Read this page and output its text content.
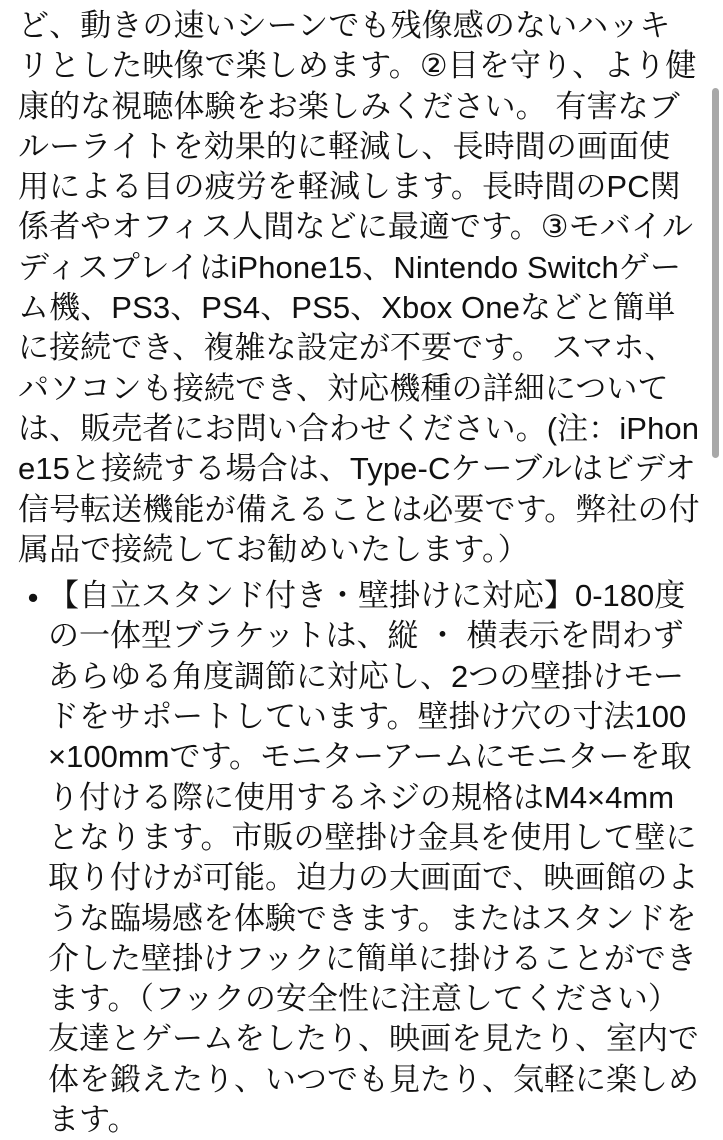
ど、動きの速いシーンでも残像感のないハッキリとした映像で楽しめます。②目を守り、より健康的な視聴体験をお楽しみください。 有害なブルーライトを効果的に軽減し、長時間の画面使用による目の疲労を軽減します。長時間のPC関係者やオフィス人間などに最適です。③モバイルディスプレイはiPhone15、Nintendo Switchゲーム機、PS3、PS4、PS5、Xbox Oneなどと簡単に接続でき、複雑な設定が不要です。 スマホ、パソコンも接続でき、対応機種の詳細については、販売者にお問い合わせください。(注：iPhone15と接続する場合は、Type-Cケーブルはビデオ信号転送機能が備えることは必要です。弊社の付属品で接続してお勧めいたします。）
• 【自立スタンド付き・壁掛けに対応】0-180度の一体型ブラケットは、縦 ・ 横表示を問わずあらゆる角度調節に対応し、2つの壁掛けモードをサポートしています。壁掛け穴の寸法100×100mmです。モニターアームにモニターを取り付ける際に使用するネジの規格はM4×4mmとなります。市販の壁掛け金具を使用して壁に取り付けが可能。迫力の大画面で、映画館のような臨場感を体験できます。またはスタンドを介した壁掛けフックに簡単に掛けることができます。（フックの安全性に注意してください）友達とゲームをしたり、映画を見たり、室内で体を鍛えたり、いつでも見たり、気軽に楽しめます。
